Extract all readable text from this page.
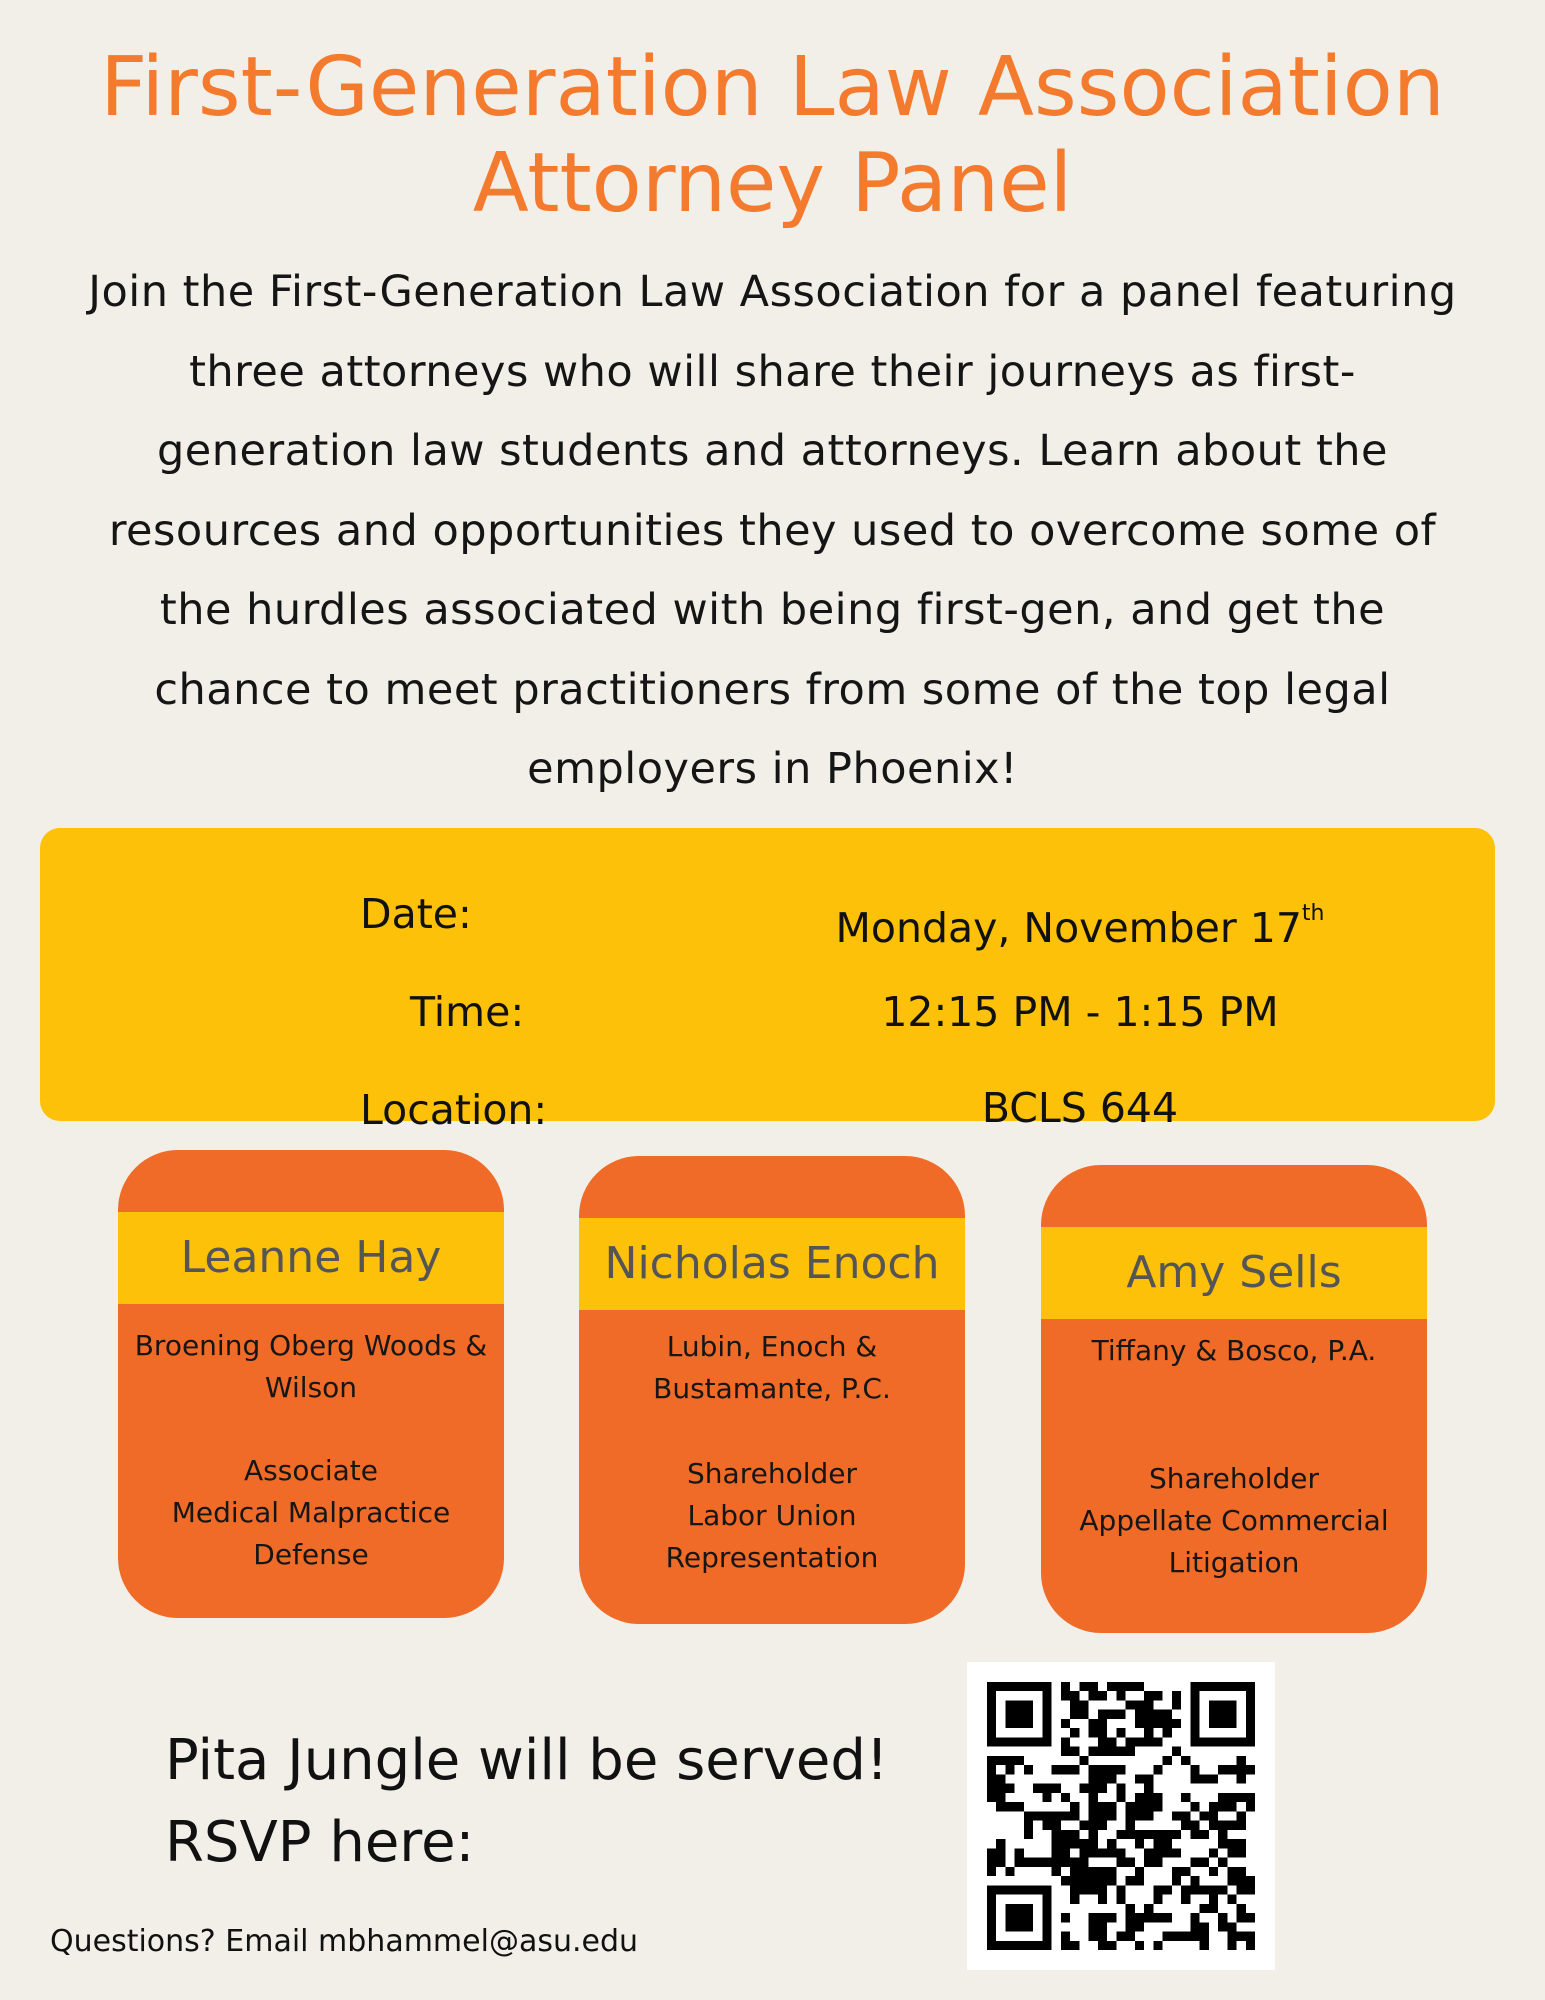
First-Generation Law Association
Attorney Panel

Join the First-Generation Law Association for a panel featuring three attorneys who will share their journeys as first-generation law students and attorneys. Learn about the resources and opportunities they used to overcome some of the hurdles associated with being first-gen, and get the chance to meet practitioners from some of the top legal employers in Phoenix!

Date:	Monday, November 17th
Time:	12:15 PM - 1:15 PM
Location:	BCLS 644
Leanne Hay
Broening Oberg Woods & Wilson
Associate
Medical Malpractice
Defense
Nicholas Enoch
Lubin, Enoch & Bustamante, P.C.
Shareholder
Labor Union
Representation
Amy Sells
Tiffany & Bosco, P.A.
Shareholder
Appellate Commercial
Litigation
Pita Jungle will be served!
RSVP here:
Questions? Email mbhammel@asu.edu
